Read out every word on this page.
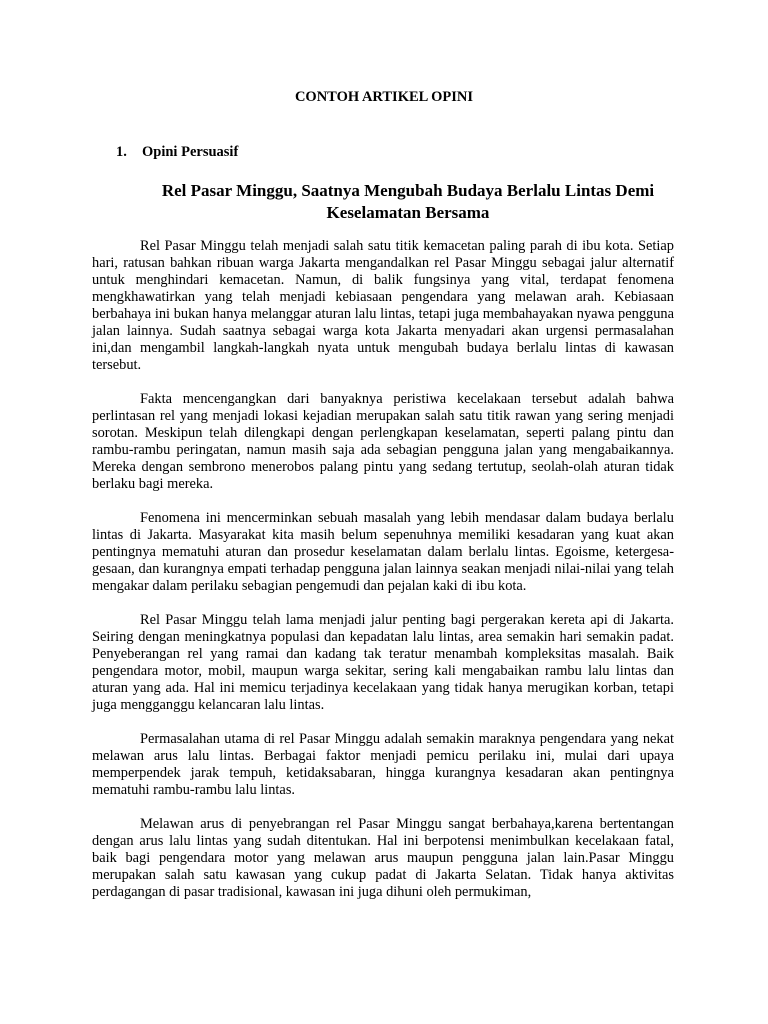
CONTOH ARTIKEL OPINI
1. Opini Persuasif
Rel Pasar Minggu, Saatnya Mengubah Budaya Berlalu Lintas Demi
Keselamatan Bersama

Rel Pasar Minggu telah menjadi salah satu titik kemacetan paling parah di ibu kota. Setiap hari, ratusan bahkan ribuan warga Jakarta mengandalkan rel Pasar Minggu sebagai jalur alternatif untuk menghindari kemacetan. Namun, di balik fungsinya yang vital, terdapat fenomena mengkhawatirkan yang telah menjadi kebiasaan pengendara yang melawan arah. Kebiasaan berbahaya ini bukan hanya melanggar aturan lalu lintas, tetapi juga membahayakan nyawa pengguna jalan lainnya. Sudah saatnya sebagai warga kota Jakarta menyadari akan urgensi permasalahan ini,dan mengambil langkah-langkah nyata untuk mengubah budaya berlalu lintas di kawasan tersebut.

Fakta mencengangkan dari banyaknya peristiwa kecelakaan tersebut adalah bahwa perlintasan rel yang menjadi lokasi kejadian merupakan salah satu titik rawan yang sering menjadi sorotan. Meskipun telah dilengkapi dengan perlengkapan keselamatan, seperti palang pintu dan rambu-rambu peringatan, namun masih saja ada sebagian pengguna jalan yang mengabaikannya. Mereka dengan sembrono menerobos palang pintu yang sedang tertutup, seolah-olah aturan tidak berlaku bagi mereka.

Fenomena ini mencerminkan sebuah masalah yang lebih mendasar dalam budaya berlalu lintas di Jakarta. Masyarakat kita masih belum sepenuhnya memiliki kesadaran yang kuat akan pentingnya mematuhi aturan dan prosedur keselamatan dalam berlalu lintas. Egoisme, ketergesa-gesaan, dan kurangnya empati terhadap pengguna jalan lainnya seakan menjadi nilai-nilai yang telah mengakar dalam perilaku sebagian pengemudi dan pejalan kaki di ibu kota.

Rel Pasar Minggu telah lama menjadi jalur penting bagi pergerakan kereta api di Jakarta. Seiring dengan meningkatnya populasi dan kepadatan lalu lintas, area semakin hari semakin padat. Penyeberangan rel yang ramai dan kadang tak teratur menambah kompleksitas masalah. Baik pengendara motor, mobil, maupun warga sekitar, sering kali mengabaikan rambu lalu lintas dan aturan yang ada. Hal ini memicu terjadinya kecelakaan yang tidak hanya merugikan korban, tetapi juga mengganggu kelancaran lalu lintas.

Permasalahan utama di rel Pasar Minggu adalah semakin maraknya pengendara yang nekat melawan arus lalu lintas. Berbagai faktor menjadi pemicu perilaku ini, mulai dari upaya memperpendek jarak tempuh, ketidaksabaran, hingga kurangnya kesadaran akan pentingnya mematuhi rambu-rambu lalu lintas.

Melawan arus di penyebrangan rel Pasar Minggu sangat berbahaya,karena bertentangan dengan arus lalu lintas yang sudah ditentukan. Hal ini berpotensi menimbulkan kecelakaan fatal, baik bagi pengendara motor yang melawan arus maupun pengguna jalan lain.Pasar Minggu merupakan salah satu kawasan yang cukup padat di Jakarta Selatan. Tidak hanya aktivitas perdagangan di pasar tradisional, kawasan ini juga dihuni oleh permukiman,
